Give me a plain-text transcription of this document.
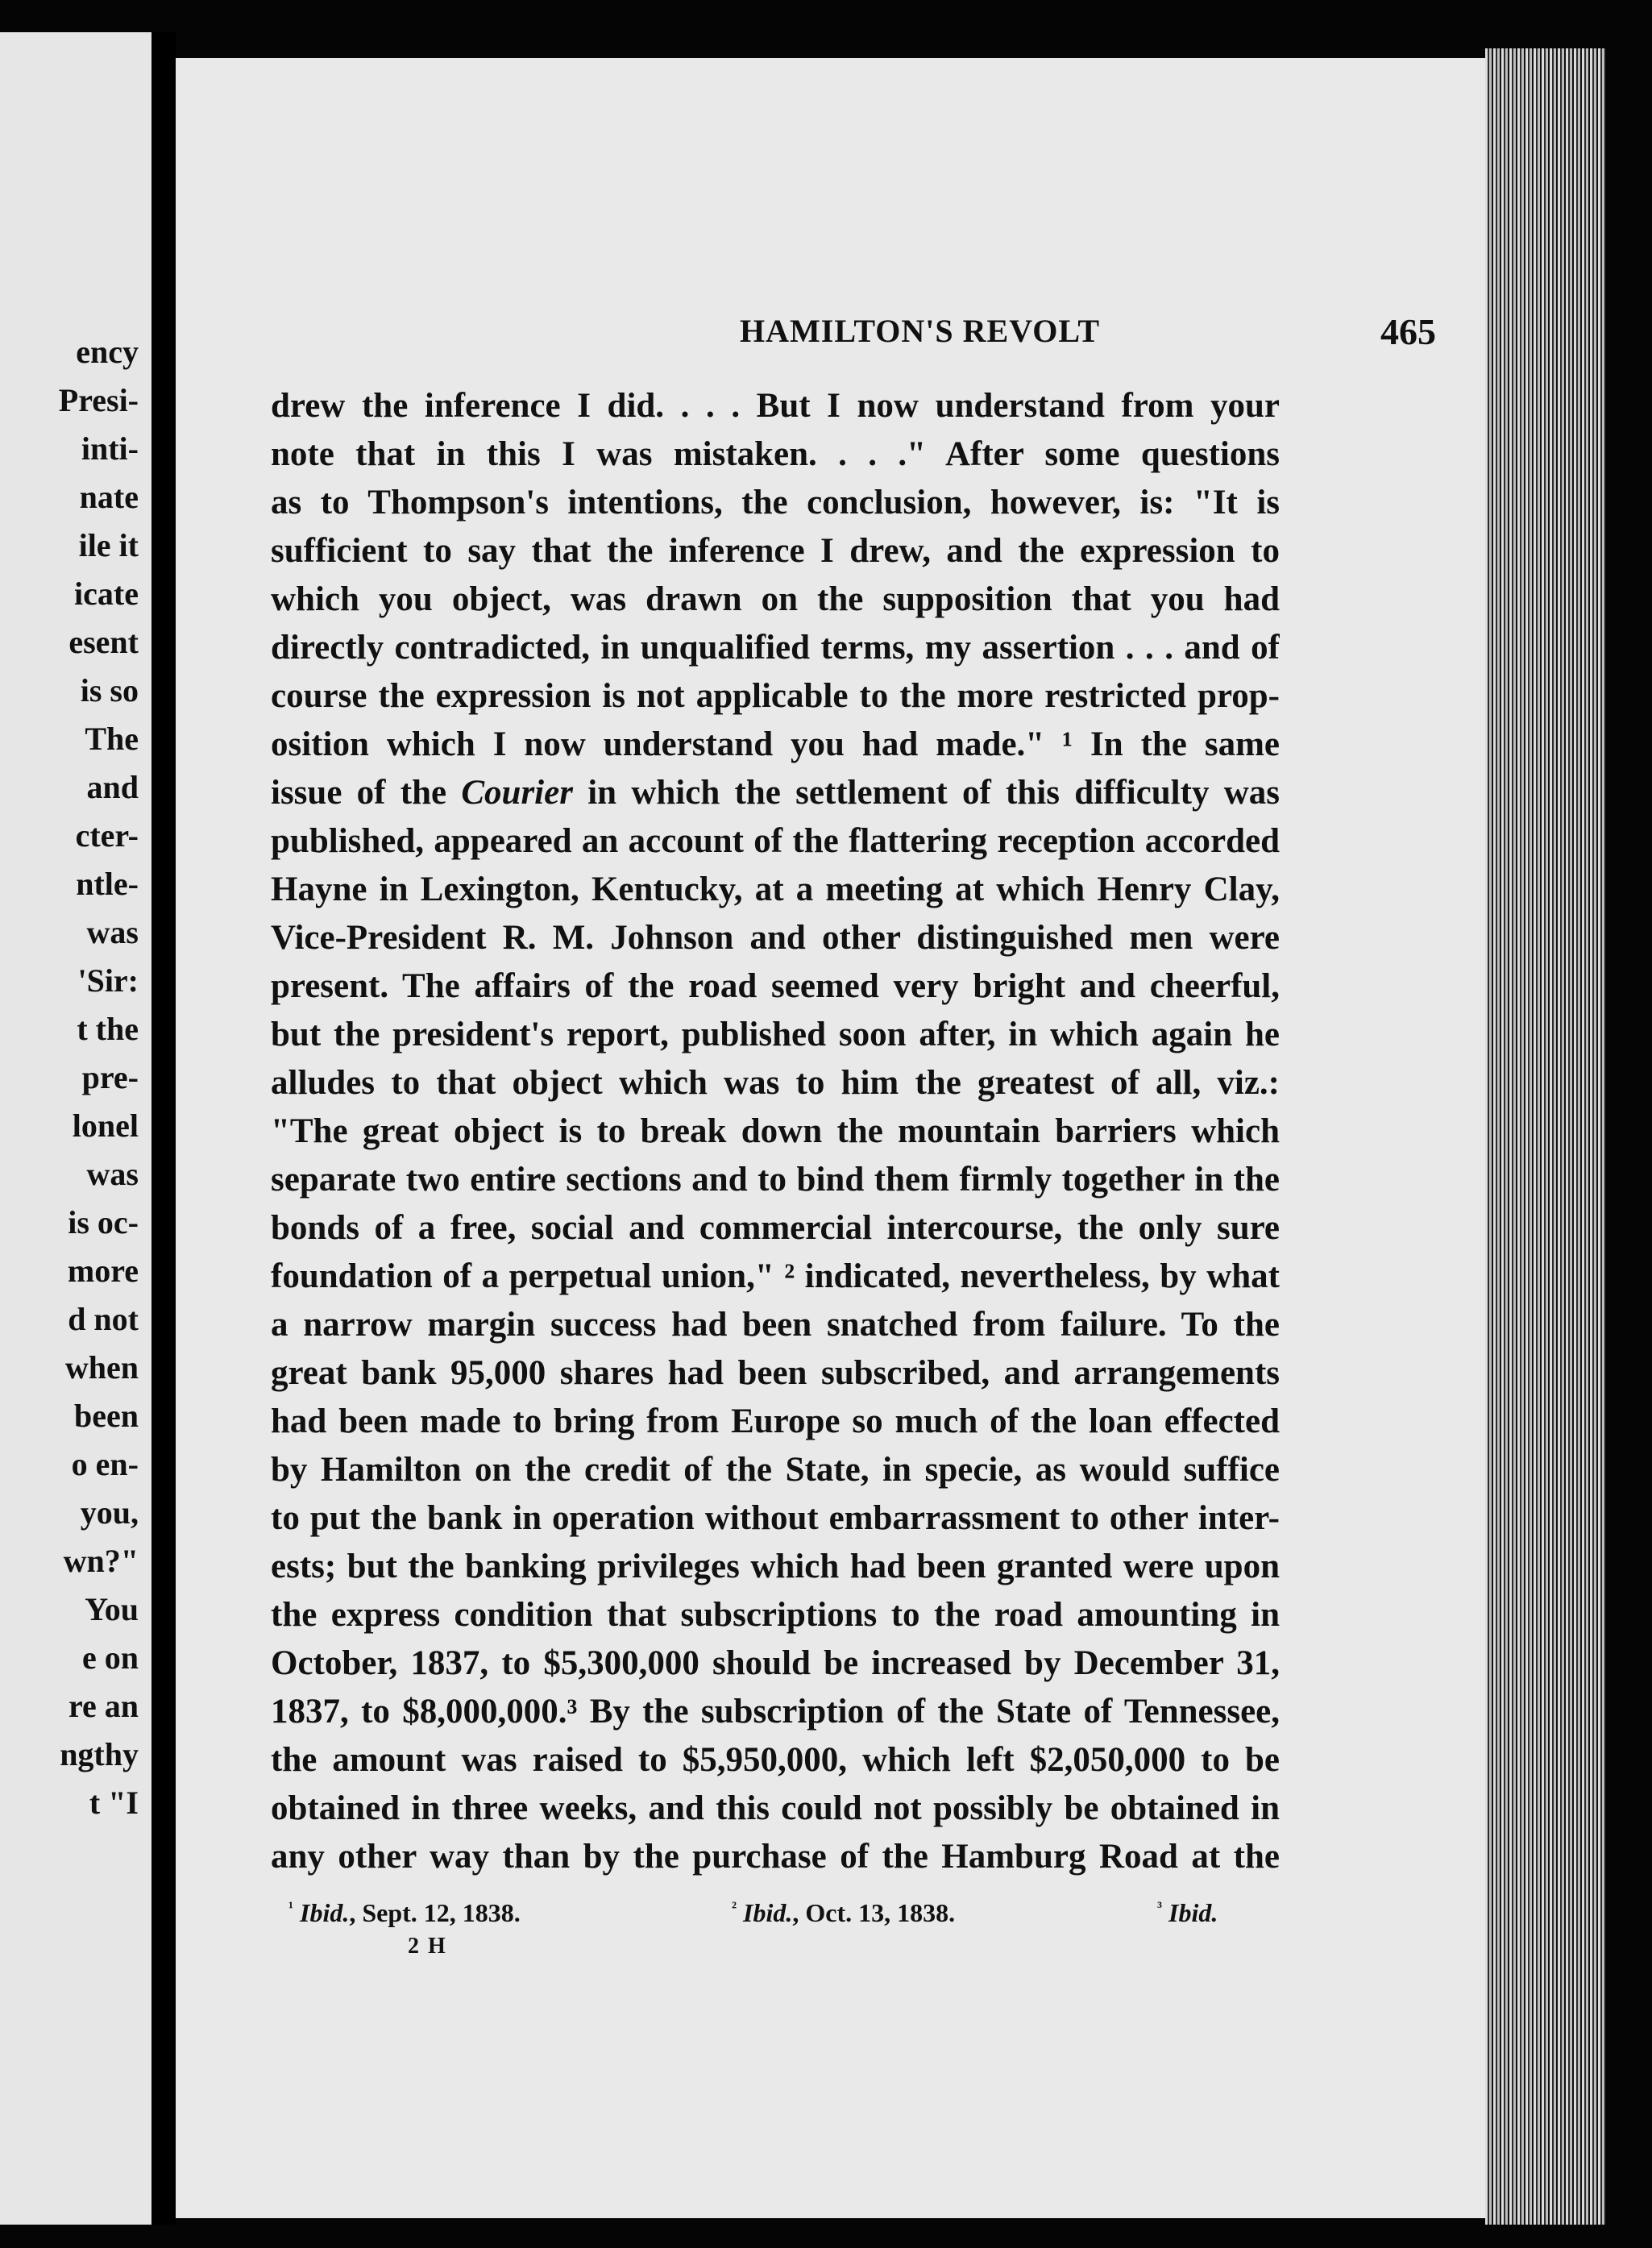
ency
Presi-
inti-
nate
ile it
icate
esent
is so
The
and
cter-
ntle-
was
'Sir:
t the
pre-
lonel
was
is oc-
more
d not
when
been
o en-
you,
wn?"
You
e on
re an
ngthy
t "I
HAMILTON'S REVOLT	465
drew the inference I did. . . . But I now understand from your
note that in this I was mistaken. . . ." After some questions
as to Thompson's intentions, the conclusion, however, is: "It is
sufficient to say that the inference I drew, and the expression to
which you object, was drawn on the supposition that you had
directly contradicted, in unqualified terms, my assertion . . . and of
course the expression is not applicable to the more restricted prop-
osition which I now understand you had made." ¹ In the same
issue of the Courier in which the settlement of this difficulty was
published, appeared an account of the flattering reception accorded
Hayne in Lexington, Kentucky, at a meeting at which Henry Clay,
Vice-President R. M. Johnson and other distinguished men were
present. The affairs of the road seemed very bright and cheerful,
but the president's report, published soon after, in which again he
alludes to that object which was to him the greatest of all, viz.:
"The great object is to break down the mountain barriers which
separate two entire sections and to bind them firmly together in the
bonds of a free, social and commercial intercourse, the only sure
foundation of a perpetual union," ² indicated, nevertheless, by what
a narrow margin success had been snatched from failure. To the
great bank 95,000 shares had been subscribed, and arrangements
had been made to bring from Europe so much of the loan effected
by Hamilton on the credit of the State, in specie, as would suffice
to put the bank in operation without embarrassment to other inter-
ests; but the banking privileges which had been granted were upon
the express condition that subscriptions to the road amounting in
October, 1837, to $5,300,000 should be increased by December 31,
1837, to $8,000,000.³ By the subscription of the State of Tennessee,
the amount was raised to $5,950,000, which left $2,050,000 to be
obtained in three weeks, and this could not possibly be obtained in
any other way than by the purchase of the Hamburg Road at the
$^{^1}$ Ibid., Sept. 12, 1838.	$^{^2}$ Ibid., Oct. 13, 1838.	$^{^3}$ Ibid.
2 H
